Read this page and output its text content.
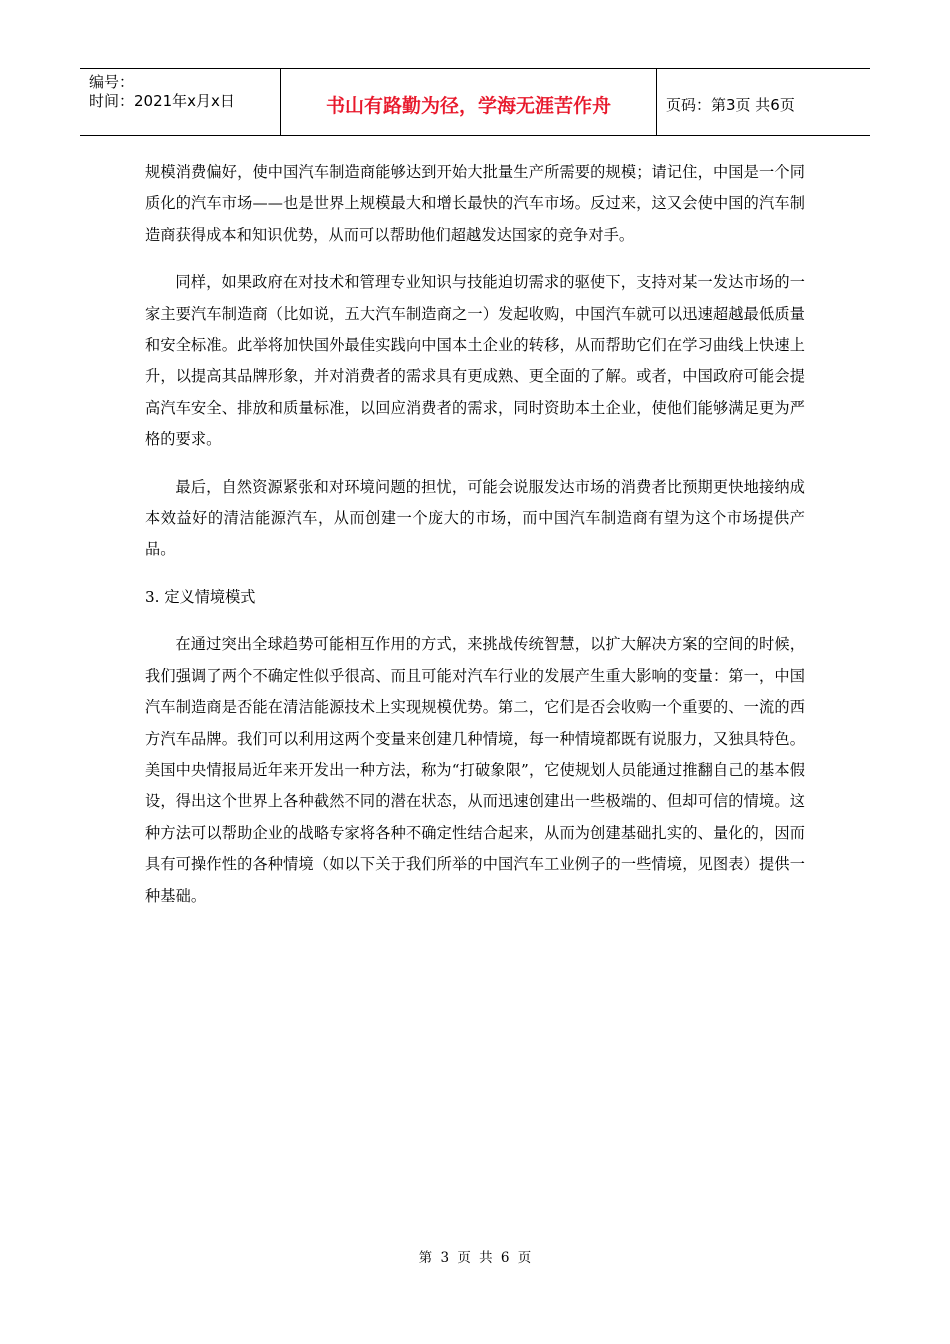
编号：
时间：2021年x月x日	书山有路勤为径，学海无涯苦作舟	页码：第3页 共6页

规模消费偏好，使中国汽车制造商能够达到开始大批量生产所需要的规模；请记住，中国是一个同质化的汽车市场——也是世界上规模最大和增长最快的汽车市场。反过来，这又会使中国的汽车制造商获得成本和知识优势，从而可以帮助他们超越发达国家的竞争对手。

同样，如果政府在对技术和管理专业知识与技能迫切需求的驱使下，支持对某一发达市场的一家主要汽车制造商（比如说，五大汽车制造商之一）发起收购，中国汽车就可以迅速超越最低质量和安全标准。此举将加快国外最佳实践向中国本土企业的转移，从而帮助它们在学习曲线上快速上升，以提高其品牌形象，并对消费者的需求具有更成熟、更全面的了解。或者，中国政府可能会提高汽车安全、排放和质量标准，以回应消费者的需求，同时资助本土企业，使他们能够满足更为严格的要求。

最后，自然资源紧张和对环境问题的担忧，可能会说服发达市场的消费者比预期更快地接纳成本效益好的清洁能源汽车，从而创建一个庞大的市场，而中国汽车制造商有望为这个市场提供产品。

3. 定义情境模式

在通过突出全球趋势可能相互作用的方式，来挑战传统智慧，以扩大解决方案的空间的时候，我们强调了两个不确定性似乎很高、而且可能对汽车行业的发展产生重大影响的变量：第一，中国汽车制造商是否能在清洁能源技术上实现规模优势。第二，它们是否会收购一个重要的、一流的西方汽车品牌。我们可以利用这两个变量来创建几种情境，每一种情境都既有说服力，又独具特色。美国中央情报局近年来开发出一种方法，称为“打破象限”，它使规划人员能通过推翻自己的基本假设，得出这个世界上各种截然不同的潜在状态，从而迅速创建出一些极端的、但却可信的情境。这种方法可以帮助企业的战略专家将各种不确定性结合起来，从而为创建基础扎实的、量化的，因而具有可操作性的各种情境（如以下关于我们所举的中国汽车工业例子的一些情境，见图表）提供一种基础。

第 3 页 共 6 页
